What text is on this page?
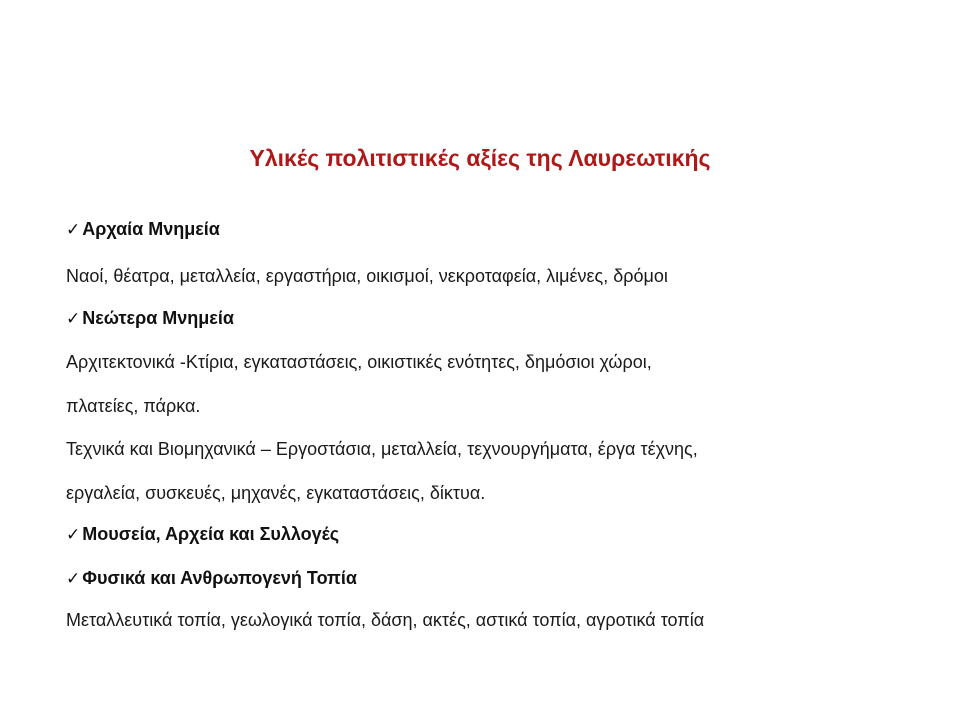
Υλικές πολιτιστικές αξίες της Λαυρεωτικής
✓ Αρχαία Μνημεία
Ναοί, θέατρα, μεταλλεία, εργαστήρια, οικισμοί, νεκροταφεία, λιμένες, δρόμοι
✓ Νεώτερα Μνημεία
Αρχιτεκτονικά -Κτίρια, εγκαταστάσεις, οικιστικές ενότητες, δημόσιοι χώροι,
πλατείες, πάρκα.
Τεχνικά και Βιομηχανικά – Εργοστάσια, μεταλλεία, τεχνουργήματα, έργα τέχνης,
εργαλεία, συσκευές, μηχανές, εγκαταστάσεις, δίκτυα.
✓ Μουσεία, Αρχεία και Συλλογές
✓ Φυσικά και Ανθρωπογενή Τοπία
Μεταλλευτικά τοπία, γεωλογικά τοπία, δάση, ακτές, αστικά τοπία, αγροτικά τοπία
